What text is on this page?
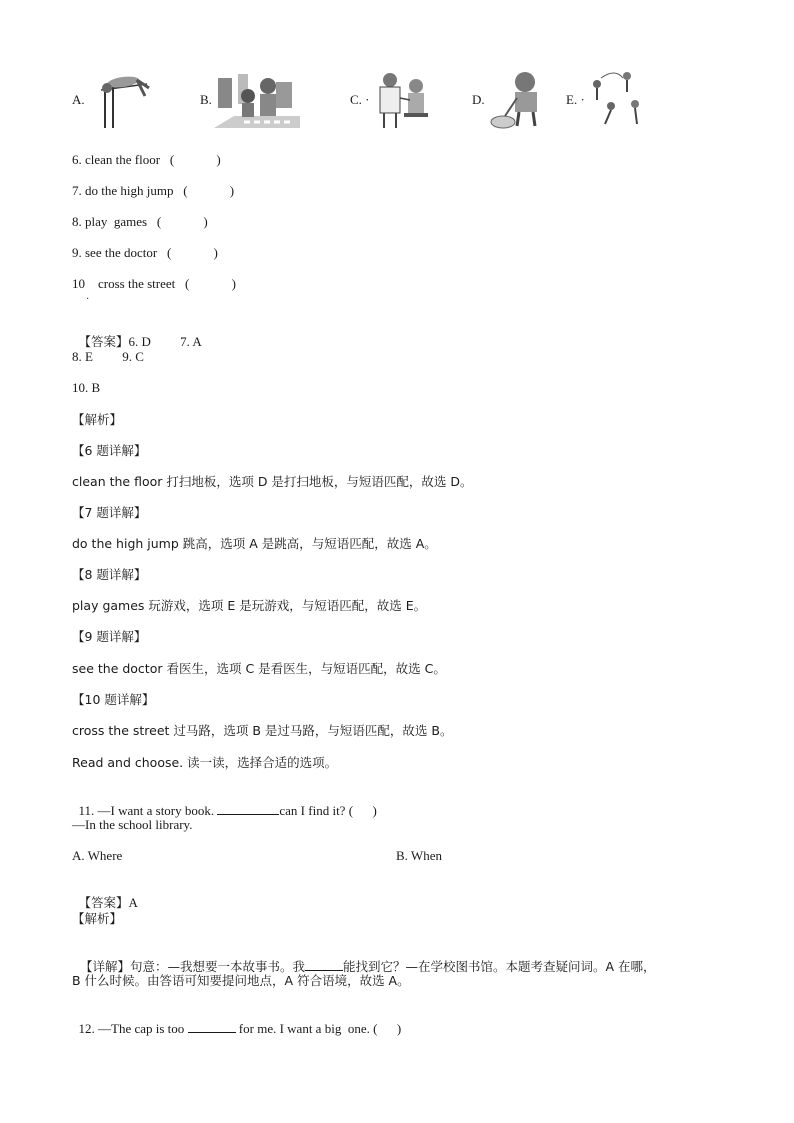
A.	B.	C. ·	D.	E. ·
6. clean the floor   (             )
7. do the high jump   (             )
8. play  games   (             )
9. see the doctor   (             )
10    cross the street   (             )
·

【答案】6. D         7. A

8. E         9. C
10. B
【解析】
【6 题详解】
clean the floor 打扫地板，选项 D 是打扫地板，与短语匹配，故选 D。
【7 题详解】
do the high jump 跳高，选项 A 是跳高，与短语匹配，故选 A。
【8 题详解】
play games 玩游戏，选项 E 是玩游戏，与短语匹配，故选 E。
【9 题详解】
see the doctor 看医生，选项 C 是看医生，与短语匹配，故选 C。
【10 题详解】
cross the street 过马路，选项 B 是过马路，与短语匹配，故选 B。
Read and choose. 读一读，选择合适的选项。

11. —I want a story book.	can I find it? (      )

—In the school library.
A. Where	B. When

【答案】A

【解析】

【详解】句意：—我想要一本故事书。我	能找到它？—在学校图书馆。本题考查疑问词。A 在哪，

B 什么时候。由答语可知要提问地点，A 符合语境，故选 A。

12. —The cap is too	for me. I want a big  one. (      )
